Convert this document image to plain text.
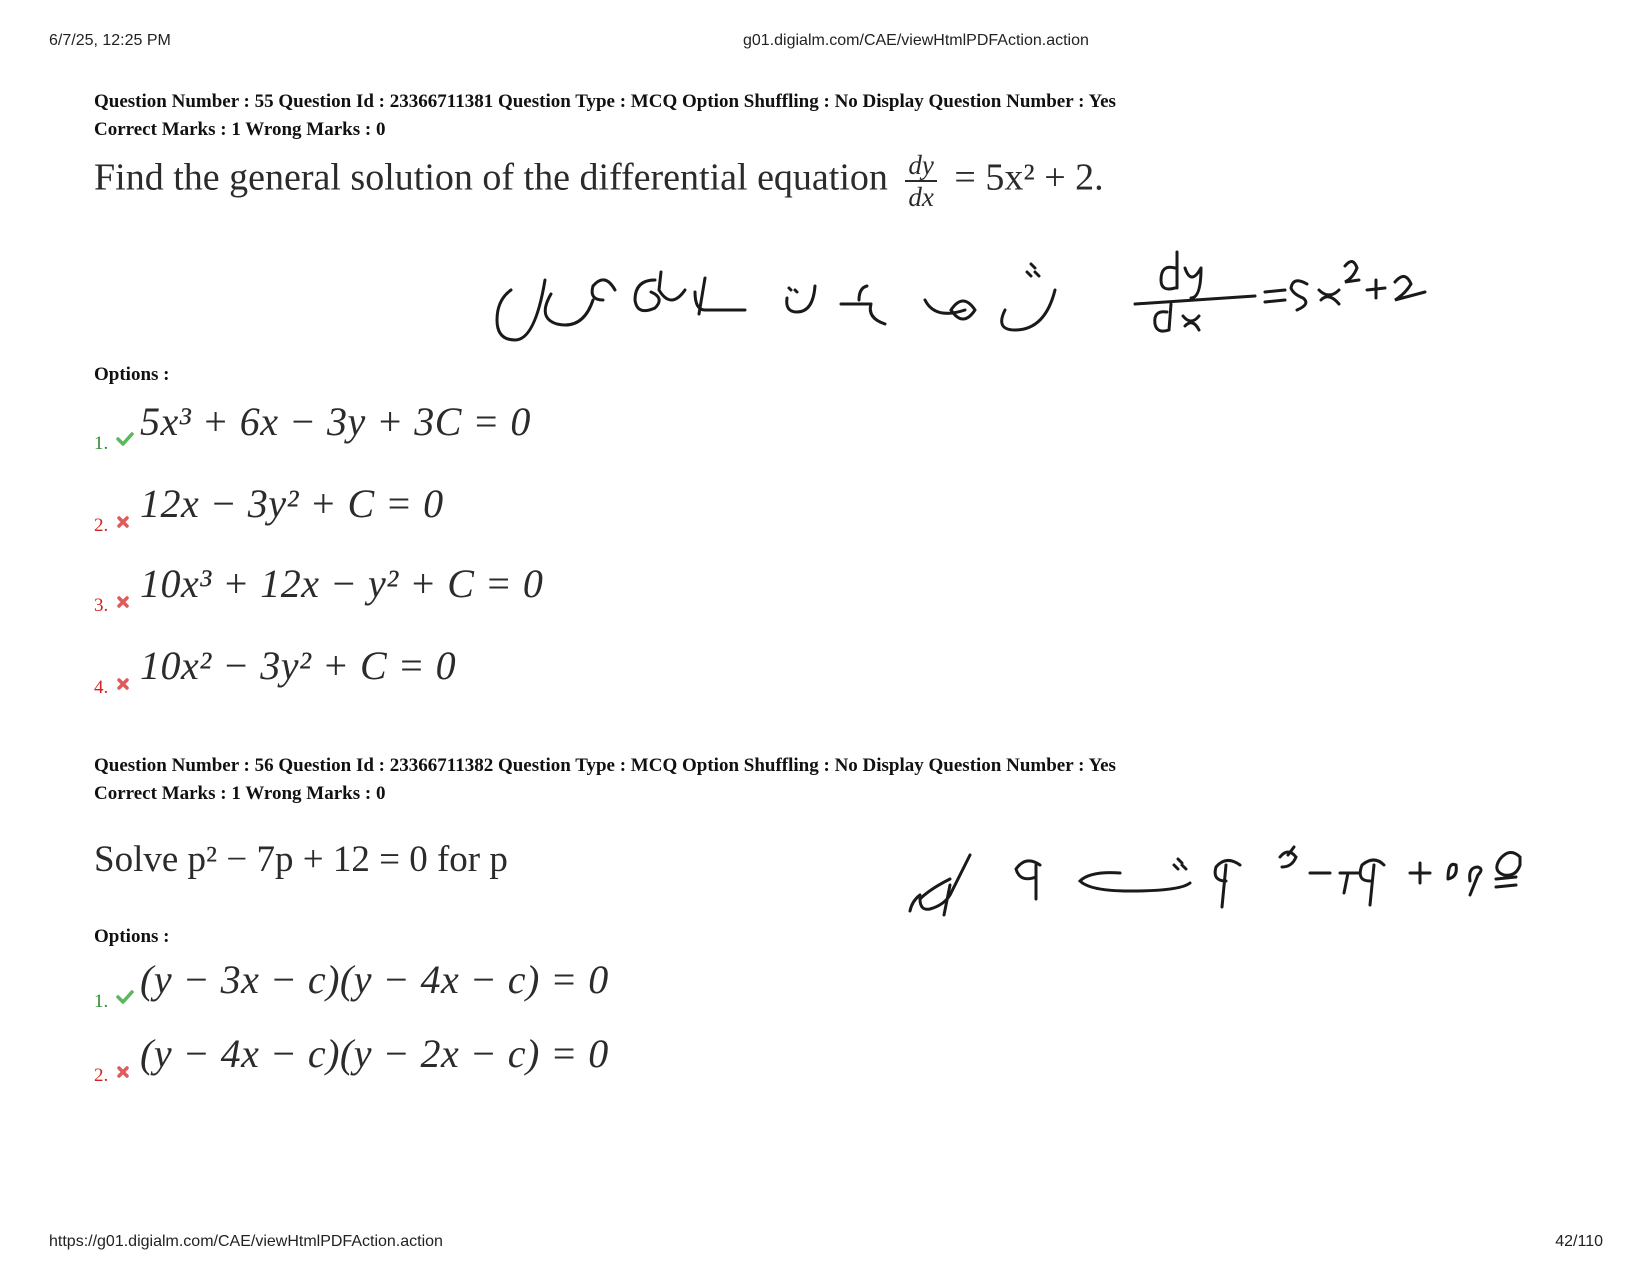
6/7/25, 12:25 PM	g01.digialm.com/CAE/viewHtmlPDFAction.action
Question Number : 55 Question Id : 23366711381 Question Type : MCQ Option Shuffling : No Display Question Number : Yes
Correct Marks : 1 Wrong Marks : 0
Find the general solution of the differential equation $\frac{dy}{dx} = 5x^2 + 2$.
Options :
1. 5x³ + 6x − 3y + 3C = 0
2. 12x − 3y² + C = 0
3. 10x³ + 12x − y² + C = 0
4. 10x² − 3y² + C = 0
Question Number : 56 Question Id : 23366711382 Question Type : MCQ Option Shuffling : No Display Question Number : Yes
Correct Marks : 1 Wrong Marks : 0
Solve p² − 7p + 12 = 0 for p
Options :
1. (y − 3x − c)(y − 4x − c) = 0
2. (y − 4x − c)(y − 2x − c) = 0
https://g01.digialm.com/CAE/viewHtmlPDFAction.action	42/110
